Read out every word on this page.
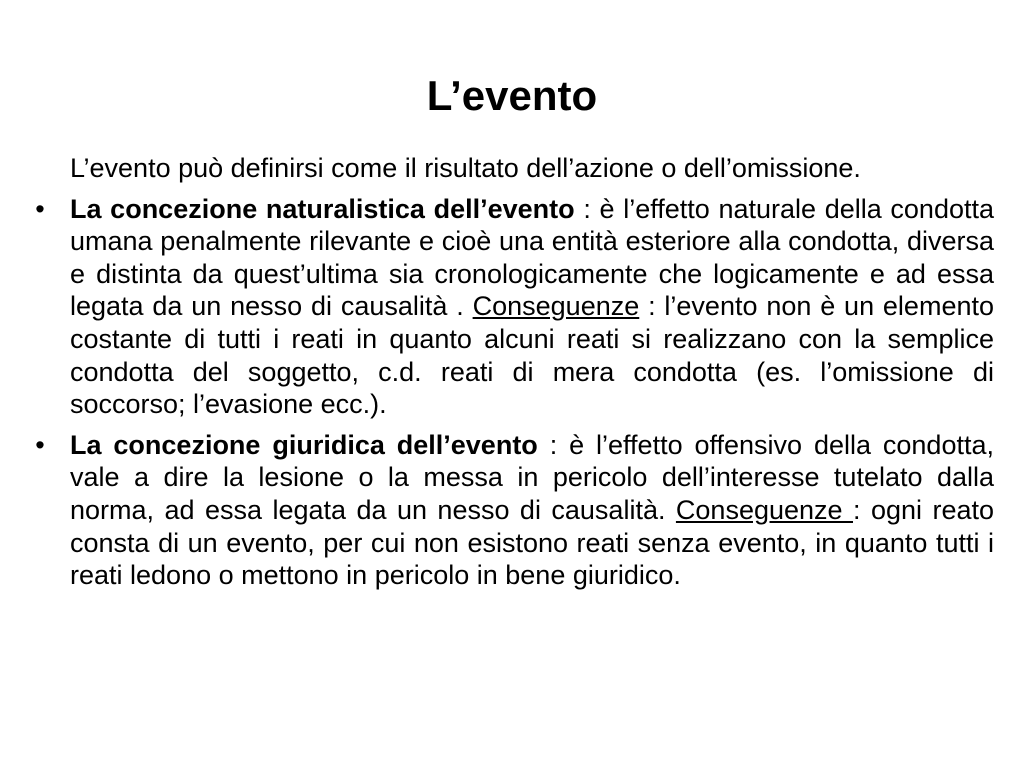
L’evento

L’evento può definirsi come il risultato dell’azione o dell’omissione.

• La concezione naturalistica dell’evento : è l’effetto naturale della condotta umana penalmente rilevante e cioè una entità esteriore alla condotta, diversa e distinta da quest’ultima sia cronologicamente che logicamente e ad essa legata da un nesso di causalità . Conseguenze : l’evento non è un elemento costante di tutti i reati in quanto alcuni reati si realizzano con la semplice condotta del soggetto, c.d. reati di mera condotta (es. l’omissione di soccorso; l’evasione ecc.).
• La concezione giuridica dell’evento : è l’effetto offensivo della condotta, vale a dire la lesione o la messa in pericolo dell’interesse tutelato dalla norma, ad essa legata da un nesso di causalità. Conseguenze : ogni reato consta di un evento, per cui non esistono reati senza evento, in quanto tutti i reati ledono o mettono in pericolo in bene giuridico.
